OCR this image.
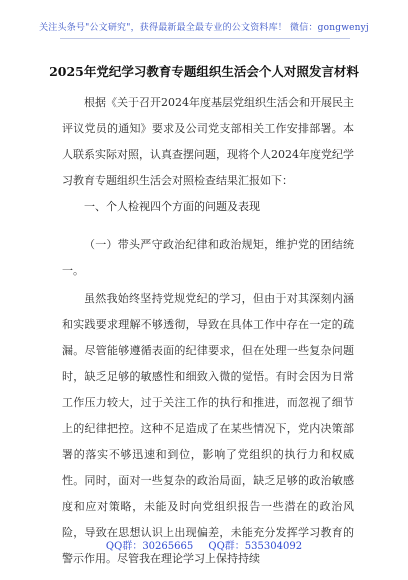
关注头条号"公文研究"，获得最新最全最专业的公文资料库！ 微信：gongwenyj
2025年党纪学习教育专题组织生活会个人对照发言材料
根据《关于召开2024年度基层党组织生活会和开展民主评议党员的通知》要求及公司党支部相关工作安排部署。本人联系实际对照，认真查摆问题，现将个人2024年度党纪学习教育专题组织生活会对照检查结果汇报如下：
一、个人检视四个方面的问题及表现
（一）带头严守政治纪律和政治规矩，维护党的团结统一。
虽然我始终坚持党规党纪的学习，但由于对其深刻内涵和实践要求理解不够透彻，导致在具体工作中存在一定的疏漏。尽管能够遵循表面的纪律要求，但在处理一些复杂问题时，缺乏足够的敏感性和细致入微的觉悟。有时会因为日常工作压力较大，过于关注工作的执行和推进，而忽视了细节上的纪律把控。这种不足造成了在某些情况下，党内决策部署的落实不够迅速和到位，影响了党组织的执行力和权威性。同时，面对一些复杂的政治局面，缺乏足够的政治敏感度和应对策略，未能及时向党组织报告一些潜在的政治风险，导致在思想认识上出现偏差，未能充分发挥学习教育的警示作用。尽管我在理论学习上保持持续
QQ群：30265665 QQ群：535304092
